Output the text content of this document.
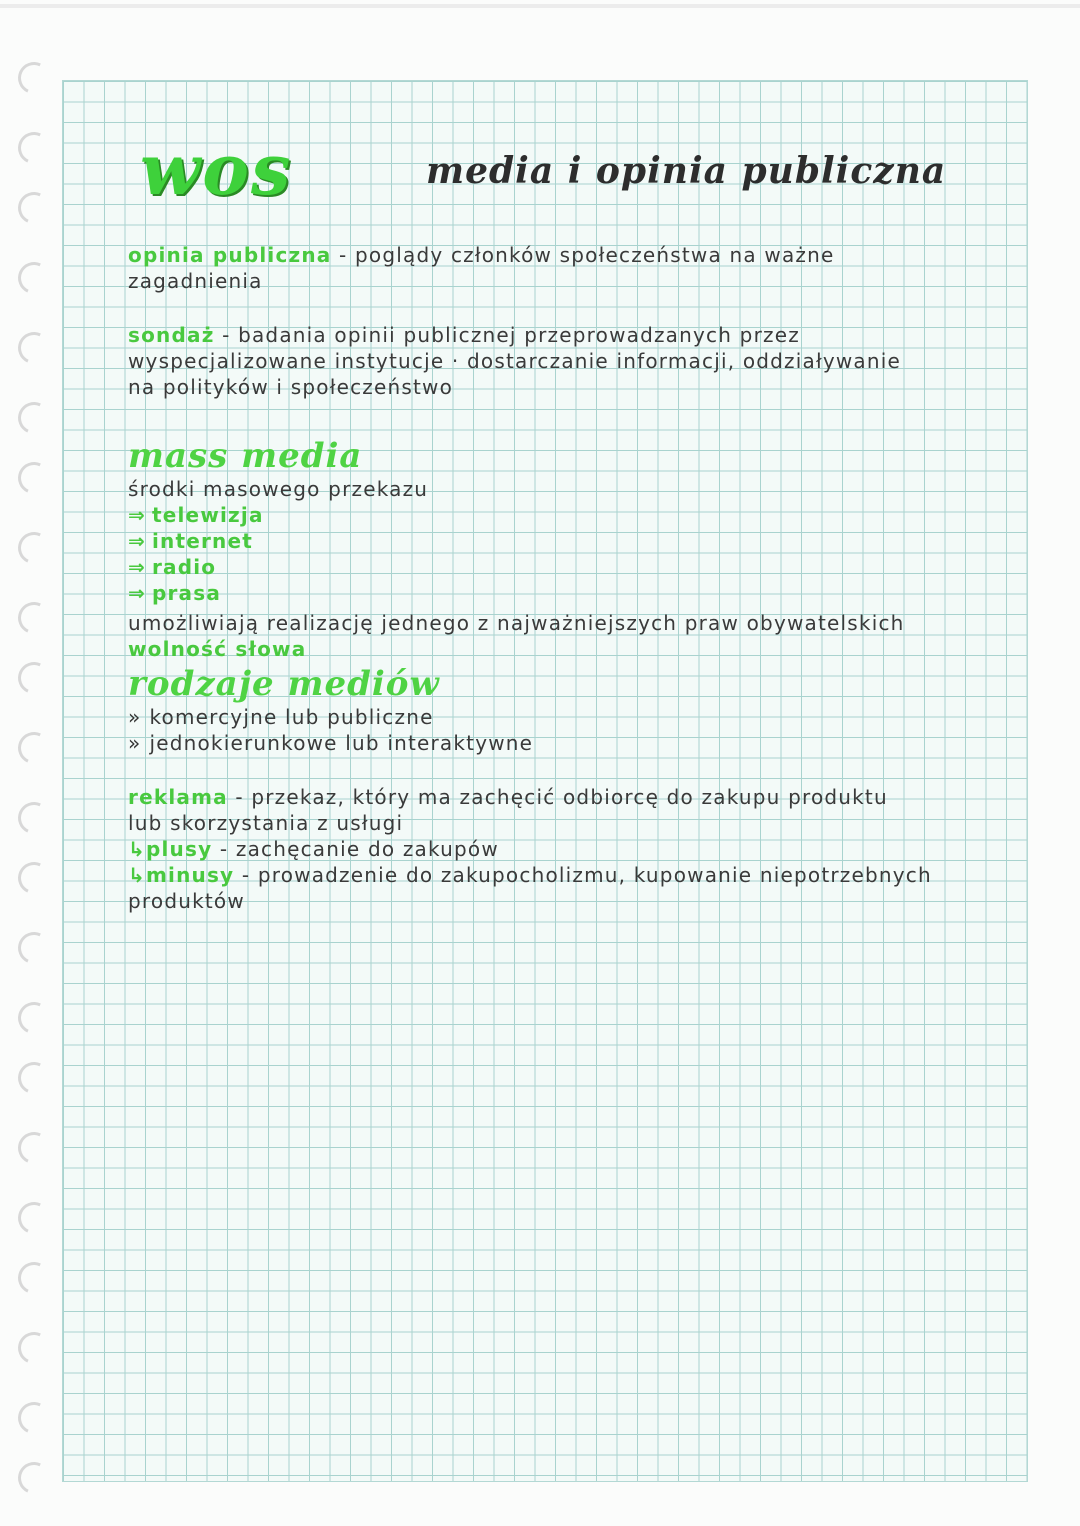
wos	media i opinia publiczna
opinia publiczna - poglądy członków społeczeństwa na ważne
zagadnienia
sondaż - badania opinii publicznej przeprowadzanych przez
wyspecjalizowane instytucje · dostarczanie informacji, oddziaływanie
na polityków i społeczeństwo
mass media
środki masowego przekazu
⇒ telewizja
⇒ internet
⇒ radio
⇒ prasa
umożliwiają realizację jednego z najważniejszych praw obywatelskich
wolność słowa
rodzaje mediów
» komercyjne lub publiczne
» jednokierunkowe lub interaktywne
reklama - przekaz, który ma zachęcić odbiorcę do zakupu produktu
lub skorzystania z usługi
↳plusy - zachęcanie do zakupów
↳minusy - prowadzenie do zakupocholizmu, kupowanie niepotrzebnych
produktów
